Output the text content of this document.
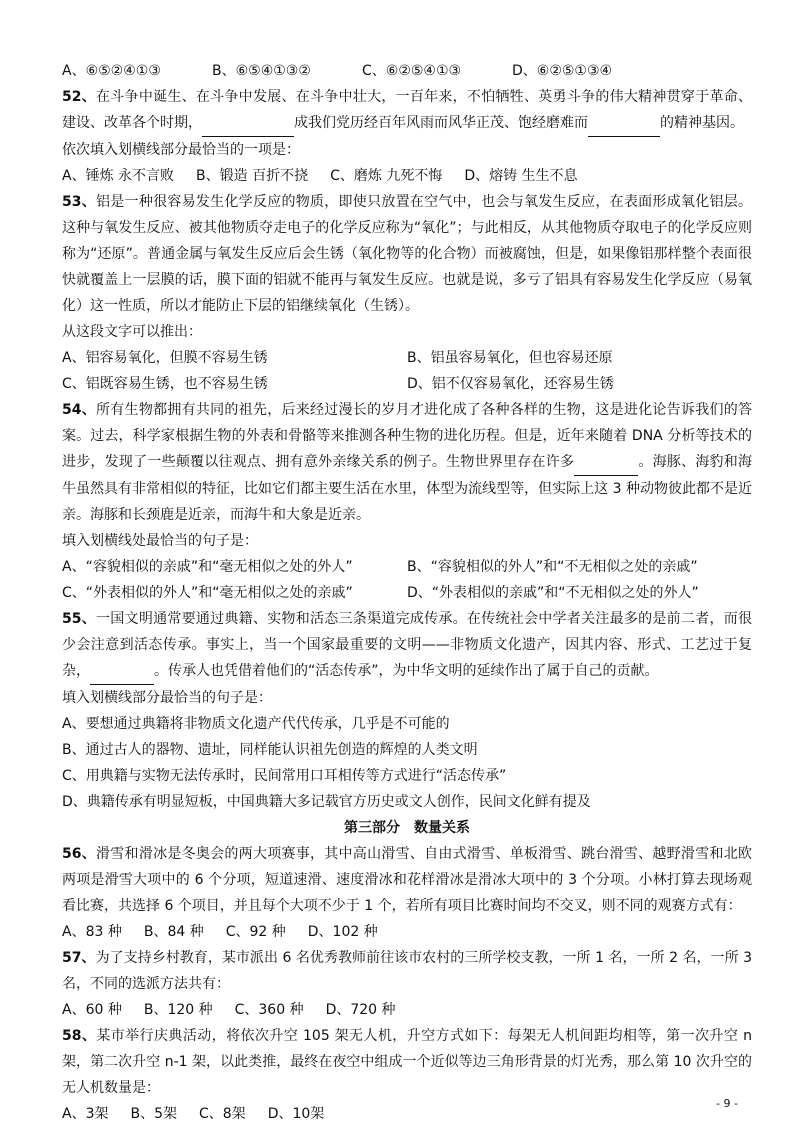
A、⑥⑤②④①③	B、⑥⑤④①③②	C、⑥②⑤④①③	D、⑥②⑤①③④

52、在斗争中诞生、在斗争中发展、在斗争中壮大，一百年来，不怕牺牲、英勇斗争的伟大精神贯穿于革命、建设、改革各个时期，	成我们党历经百年风雨而风华正茂、饱经磨难而	的精神基因。

依次填入划横线部分最恰当的一项是：

A、锤炼 永不言败 B、锻造 百折不挠 C、磨炼 九死不悔 D、熔铸 生生不息

53、铝是一种很容易发生化学反应的物质，即使只放置在空气中，也会与氧发生反应，在表面形成氧化铝层。这种与氧发生反应、被其他物质夺走电子的化学反应称为“氧化”；与此相反，从其他物质夺取电子的化学反应则称为“还原”。普通金属与氧发生反应后会生锈（氧化物等的化合物）而被腐蚀，但是，如果像铝那样整个表面很快就覆盖上一层膜的话，膜下面的铝就不能再与氧发生反应。也就是说，多亏了铝具有容易发生化学反应（易氧化）这一性质，所以才能防止下层的铝继续氧化（生锈）。

从这段文字可以推出：

A、铝容易氧化，但膜不容易生锈	B、铝虽容易氧化，但也容易还原
C、铝既容易生锈，也不容易生锈	D、铝不仅容易氧化，还容易生锈

54、所有生物都拥有共同的祖先，后来经过漫长的岁月才进化成了各种各样的生物，这是进化论告诉我们的答案。过去，科学家根据生物的外表和骨骼等来推测各种生物的进化历程。但是，近年来随着 DNA 分析等技术的进步，发现了一些颠覆以往观点、拥有意外亲缘关系的例子。生物世界里存在许多	。海豚、海豹和海牛虽然具有非常相似的特征，比如它们都主要生活在水里，体型为流线型等，但实际上这 3 种动物彼此都不是近亲。海豚和长颈鹿是近亲，而海牛和大象是近亲。

填入划横线处最恰当的句子是：

A、“容貌相似的亲戚”和“毫无相似之处的外人”	B、“容貌相似的外人”和“不无相似之处的亲戚”
C、“外表相似的外人”和“毫无相似之处的亲戚”	D、“外表相似的亲戚”和“不无相似之处的外人”

55、一国文明通常要通过典籍、实物和活态三条渠道完成传承。在传统社会中学者关注最多的是前二者，而很少会注意到活态传承。事实上，当一个国家最重要的文明——非物质文化遗产，因其内容、形式、工艺过于复杂，	。传承人也凭借着他们的“活态传承”，为中华文明的延续作出了属于自己的贡献。

填入划横线部分最恰当的句子是：

A、要想通过典籍将非物质文化遗产代代传承，几乎是不可能的

B、通过古人的器物、遗址，同样能认识祖先创造的辉煌的人类文明

C、用典籍与实物无法传承时，民间常用口耳相传等方式进行“活态传承”

D、典籍传承有明显短板，中国典籍大多记载官方历史或文人创作，民间文化鲜有提及

第三部分　数量关系

56、滑雪和滑冰是冬奥会的两大项赛事，其中高山滑雪、自由式滑雪、单板滑雪、跳台滑雪、越野滑雪和北欧两项是滑雪大项中的 6 个分项，短道速滑、速度滑冰和花样滑冰是滑冰大项中的 3 个分项。小林打算去现场观看比赛，共选择 6 个项目，并且每个大项不少于 1 个，若所有项目比赛时间均不交叉，则不同的观赛方式有：

A、83 种 B、84 种 C、92 种 D、102 种

57、为了支持乡村教育，某市派出 6 名优秀教师前往该市农村的三所学校支教，一所 1 名，一所 2 名，一所 3 名，不同的选派方法共有：

A、60 种 B、120 种 C、360 种 D、720 种

58、某市举行庆典活动，将依次升空 105 架无人机，升空方式如下：每架无人机间距均相等，第一次升空 n 架，第二次升空 n-1 架，以此类推，最终在夜空中组成一个近似等边三角形背景的灯光秀，那么第 10 次升空的无人机数量是：

A、3架 B、5架 C、8架 D、10架
- 9 -
